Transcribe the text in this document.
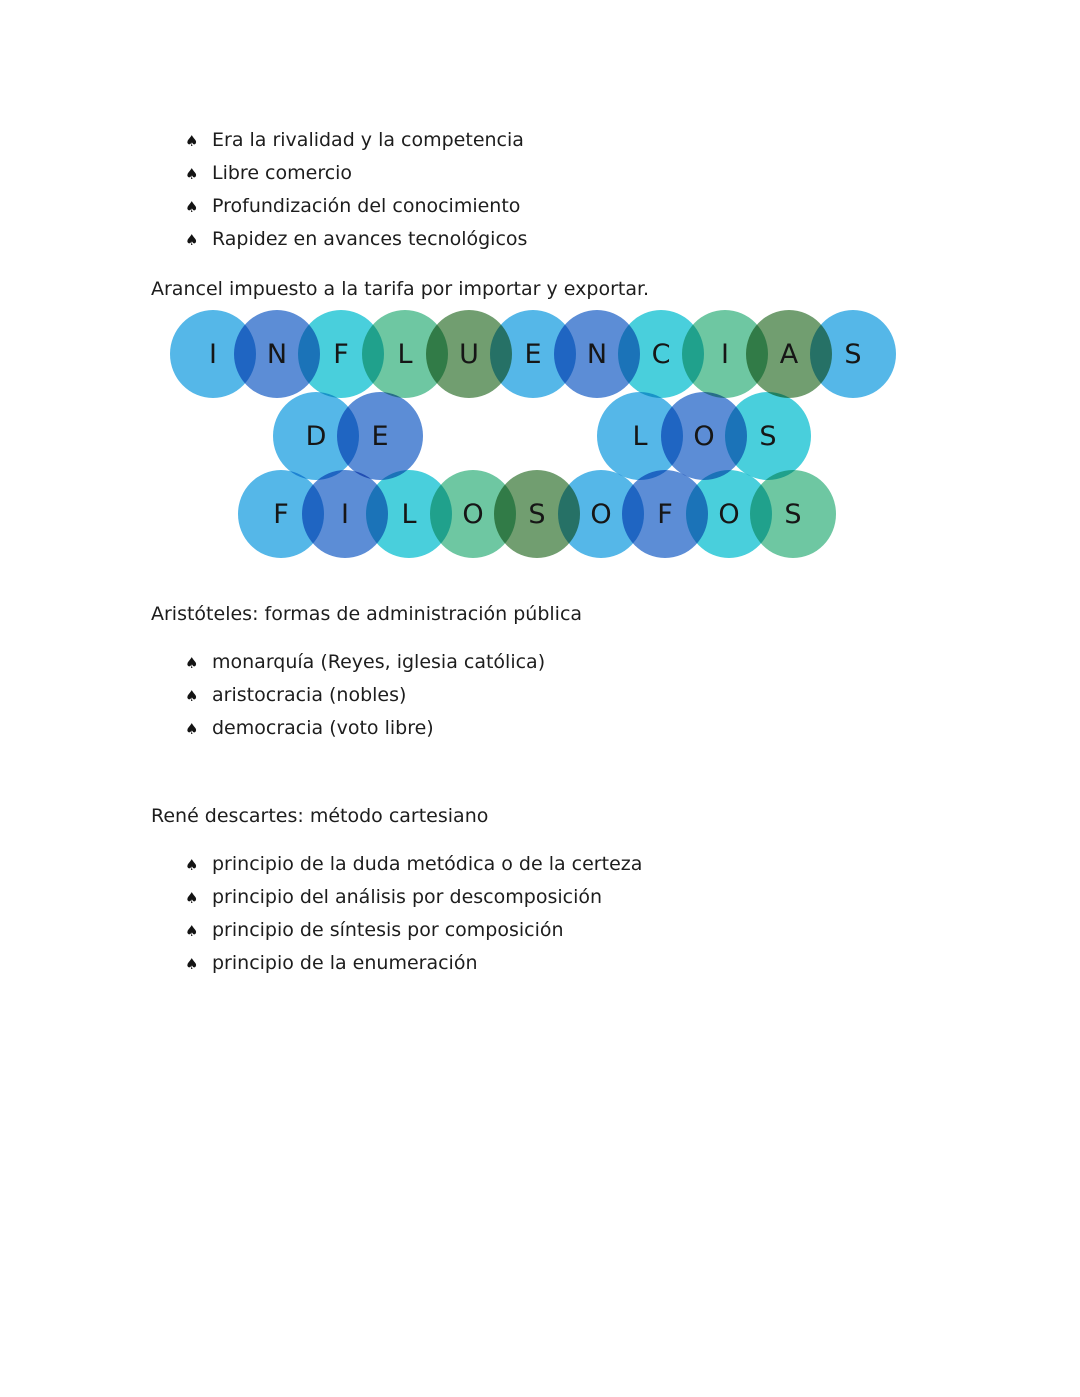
♠ Era la rivalidad y la competencia
♠ Libre comercio
♠ Profundización del conocimiento
♠ Rapidez en avances tecnológicos

Arancel impuesto a la tarifa por importar y exportar.

I N F L U E N C I A S
D E	L O S
F I L O S O F O S
Aristóteles: formas de administración pública
♠ monarquía (Reyes, iglesia católica)
♠ aristocracia (nobles)
♠ democracia (voto libre)
René descartes: método cartesiano
♠ principio de la duda metódica o de la certeza
♠ principio del análisis por descomposición
♠ principio de síntesis por composición
♠ principio de la enumeración
